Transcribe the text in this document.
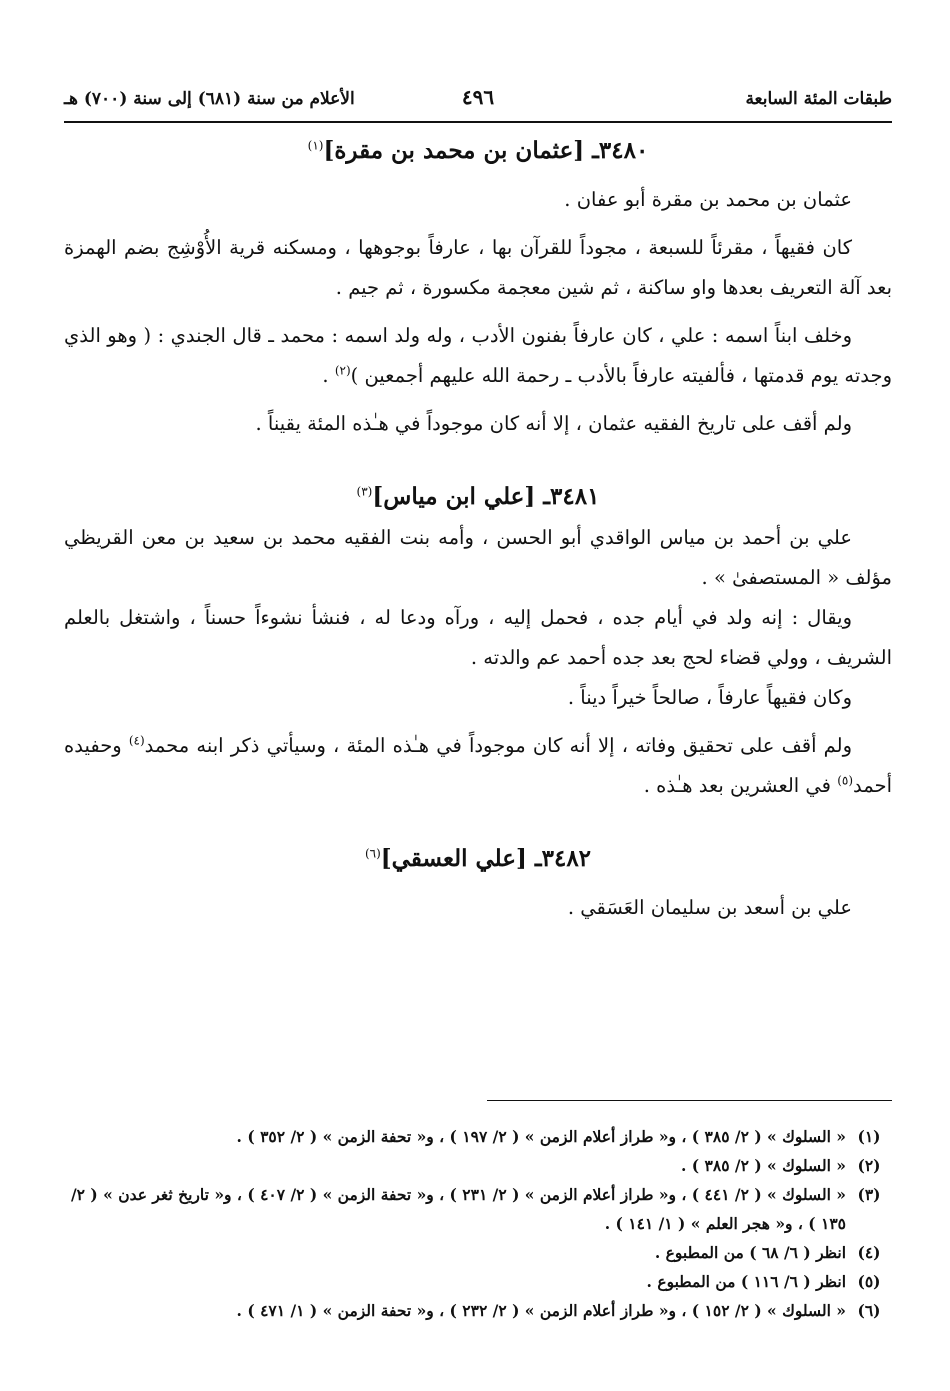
طبقات المئة السابعة
٤٩٦
الأعلام من سنة (٦٨١) إلى سنة (٧٠٠) هـ
٣٤٨٠ـ [عثمان بن محمد بن مقرة]$^{(١)}$

عثمان بن محمد بن مقرة أبو عفان .

كان فقيهاً ، مقرئاً للسبعة ، مجوداً للقرآن بها ، عارفاً بوجوهها ، ومسكنه قرية الأُوْشِج بضم الهمزة بعد آلة التعريف بعدها واو ساكنة ، ثم شين معجمة مكسورة ، ثم جيم .

وخلف ابناً اسمه : علي ، كان عارفاً بفنون الأدب ، وله ولد اسمه : محمد ـ قال الجندي : ( وهو الذي وجدته يوم قدمتها ، فألفيته عارفاً بالأدب ـ رحمة الله عليهم أجمعين )$^{(٢)}$ .

ولم أقف على تاريخ الفقيه عثمان ، إلا أنه كان موجوداً في هـٰذه المئة يقيناً .

٣٤٨١ـ [علي ابن مياس]$^{(٣)}$

علي بن أحمد بن مياس الواقدي أبو الحسن ، وأمه بنت الفقيه محمد بن سعيد بن معن القريظي مؤلف « المستصفىٰ » .

ويقال : إنه ولد في أيام جده ، فحمل إليه ، ورآه ودعا له ، فنشأ نشوءاً حسناً ، واشتغل بالعلم الشريف ، وولي قضاء لحج بعد جده أحمد عم والدته .

وكان فقيهاً عارفاً ، صالحاً خيراً ديناً .

ولم أقف على تحقيق وفاته ، إلا أنه كان موجوداً في هـٰذه المئة ، وسيأتي ذكر ابنه محمد$^{(٤)}$ وحفيده أحمد$^{(٥)}$ في العشرين بعد هـٰذه .

٣٤٨٢ـ [علي العسقي]$^{(٦)}$

علي بن أسعد بن سليمان العَسَقي .

(١)
« السلوك » ( ٢/ ٣٨٥ ) ، و« طراز أعلام الزمن » ( ٢/ ١٩٧ ) ، و« تحفة الزمن » ( ٢/ ٣٥٢ ) .
(٢)
« السلوك » ( ٢/ ٣٨٥ ) .
(٣)
« السلوك » ( ٢/ ٤٤١ ) ، و« طراز أعلام الزمن » ( ٢/ ٢٣١ ) ، و« تحفة الزمن » ( ٢/ ٤٠٧ ) ، و« تاريخ ثغر عدن » ( ٢/ ١٣٥ ) ، و« هجر العلم » ( ١/ ١٤١ ) .
(٤)
انظر ( ٦/ ٦٨ ) من المطبوع .
(٥)
انظر ( ٦/ ١١٦ ) من المطبوع .
(٦)
« السلوك » ( ٢/ ١٥٢ ) ، و« طراز أعلام الزمن » ( ٢/ ٢٣٢ ) ، و« تحفة الزمن » ( ١/ ٤٧١ ) .
